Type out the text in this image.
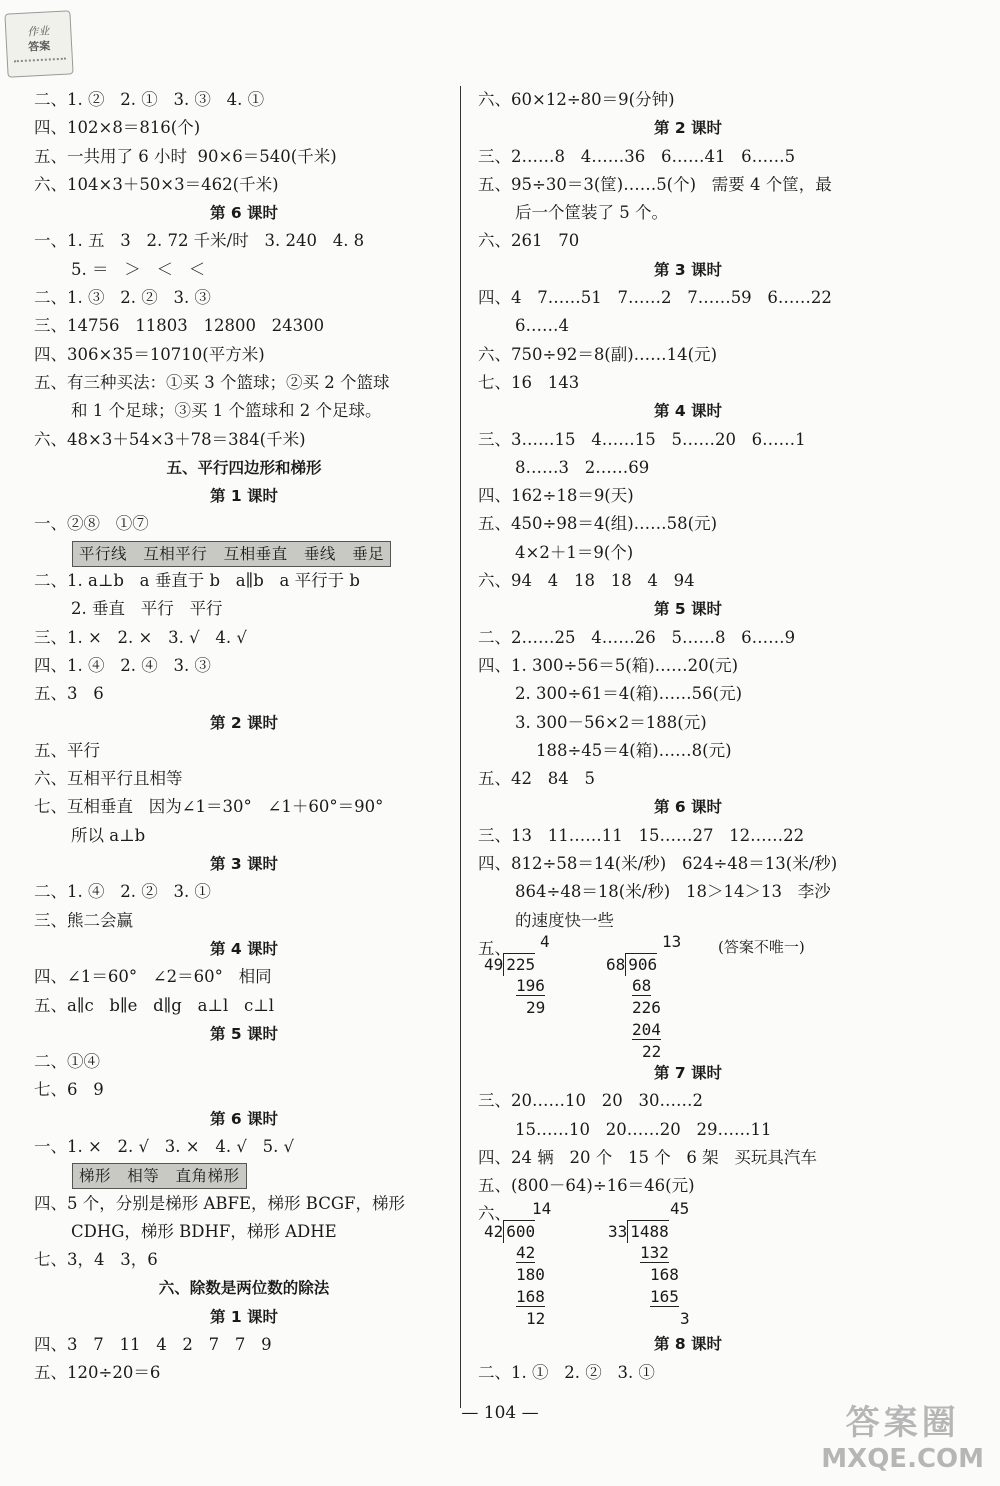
作业
答案
二、1. ②   2. ①   3. ③   4. ①
四、102×8＝816(个)
五、一共用了 6 小时  90×6＝540(千米)
六、104×3＋50×3＝462(千米)
第 6 课时
一、1. 五   3   2. 72 千米/时   3. 240   4. 8
5. ＝   ＞   ＜   ＜
二、1. ③   2. ②   3. ③
三、14756   11803   12800   24300
四、306×35＝10710(平方米)
五、有三种买法：①买 3 个篮球；②买 2 个篮球
和 1 个足球；③买 1 个篮球和 2 个足球。
六、48×3＋54×3＋78＝384(千米)
五、平行四边形和梯形
第 1 课时
一、②⑧   ①⑦
平行线   互相平行   互相垂直   垂线   垂足
二、1. a⊥b   a 垂直于 b   a∥b   a 平行于 b
2. 垂直   平行   平行
三、1. ×   2. ×   3. √   4. √
四、1. ④   2. ④   3. ③
五、3   6
第 2 课时
五、平行
六、互相平行且相等
七、互相垂直   因为∠1＝30°   ∠1＋60°＝90°
所以 a⊥b
第 3 课时
二、1. ④   2. ②   3. ①
三、熊二会赢
第 4 课时
四、∠1＝60°   ∠2＝60°   相同
五、a∥c   b∥e   d∥g   a⊥l   c⊥l
第 5 课时
二、①④
七、6   9
第 6 课时
一、1. ×   2. √   3. ×   4. √   5. √
梯形   相等   直角梯形
四、5 个，分别是梯形 ABFE，梯形 BCGF，梯形
CDHG，梯形 BDHF，梯形 ADHE
七、3，4   3，6
六、除数是两位数的除法
第 1 课时
四、3   7   11   4   2   7   7   9
五、120÷20＝6
六、60×12÷80＝9(分钟)
第 2 课时
三、2……8   4……36   6……41   6……5
五、95÷30＝3(筐)……5(个)   需要 4 个筐，最
后一个筐装了 5 个。
六、261   70
第 3 课时
四、4   7……51   7……2   7……59   6……22
6……4
六、750÷92＝8(副)……14(元)
七、16   143
第 4 课时
三、3……15   4……15   5……20   6……1
8……3   2……69
四、162÷18＝9(天)
五、450÷98＝4(组)……58(元)
4×2＋1＝9(个)
六、94   4   18   18   4   94
第 5 课时
二、2……25   4……26   5……8   6……9
四、1. 300÷56＝5(箱)……20(元)
2. 300÷61＝4(箱)……56(元)
3. 300－56×2＝188(元)
188÷45＝4(箱)……8(元)
五、42   84   5
第 6 课时
三、13   11……11   15……27   12……22
四、812÷58＝14(米/秒)   624÷48＝13(米/秒)
864÷48＝18(米/秒)   18＞14＞13   李沙
的速度快一些
五、	(答案不唯一)
4
49 225
196
29
13
68 906
68
226
204
22
第 7 课时
三、20……10   20   30……2
15……10   20……20   29……11
四、24 辆   20 个   15 个   6 架   买玩具汽车
五、(800－64)÷16＝46(元)
六、	14
42 600
42
180
168
12
45
33 1488
132
168
165
3
第 8 课时
二、1. ①   2. ②   3. ①
— 104 —	答案圈
MXQE.COM
